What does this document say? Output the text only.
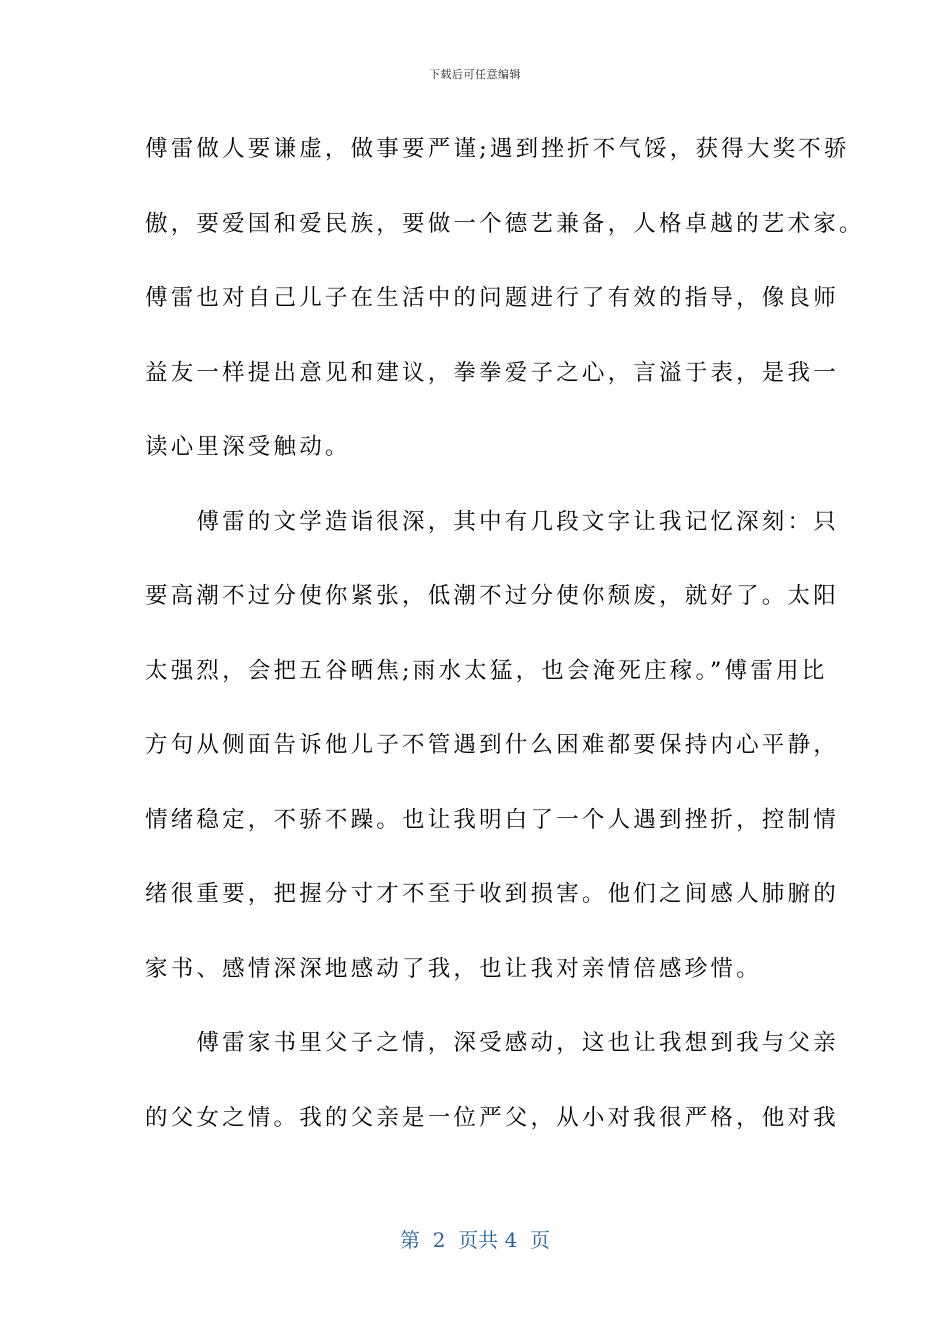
下载后可任意编辑
傅雷做人要谦虚，做事要严谨;遇到挫折不气馁，获得大奖不骄
傲，要爱国和爱民族，要做一个德艺兼备，人格卓越的艺术家。
傅雷也对自己儿子在生活中的问题进行了有效的指导，像良师
益友一样提出意见和建议，拳拳爱子之心，言溢于表，是我一
读心里深受触动。
　　傅雷的文学造诣很深，其中有几段文字让我记忆深刻：只
要高潮不过分使你紧张，低潮不过分使你颓废，就好了。太阳
太强烈，会把五谷晒焦;雨水太猛，也会淹死庄稼。”傅雷用比
方句从侧面告诉他儿子不管遇到什么困难都要保持内心平静，
情绪稳定，不骄不躁。也让我明白了一个人遇到挫折，控制情
绪很重要，把握分寸才不至于收到损害。他们之间感人肺腑的
家书、感情深深地感动了我，也让我对亲情倍感珍惜。
　　傅雷家书里父子之情，深受感动，这也让我想到我与父亲
的父女之情。我的父亲是一位严父，从小对我很严格，他对我
第  2  页共 4  页
